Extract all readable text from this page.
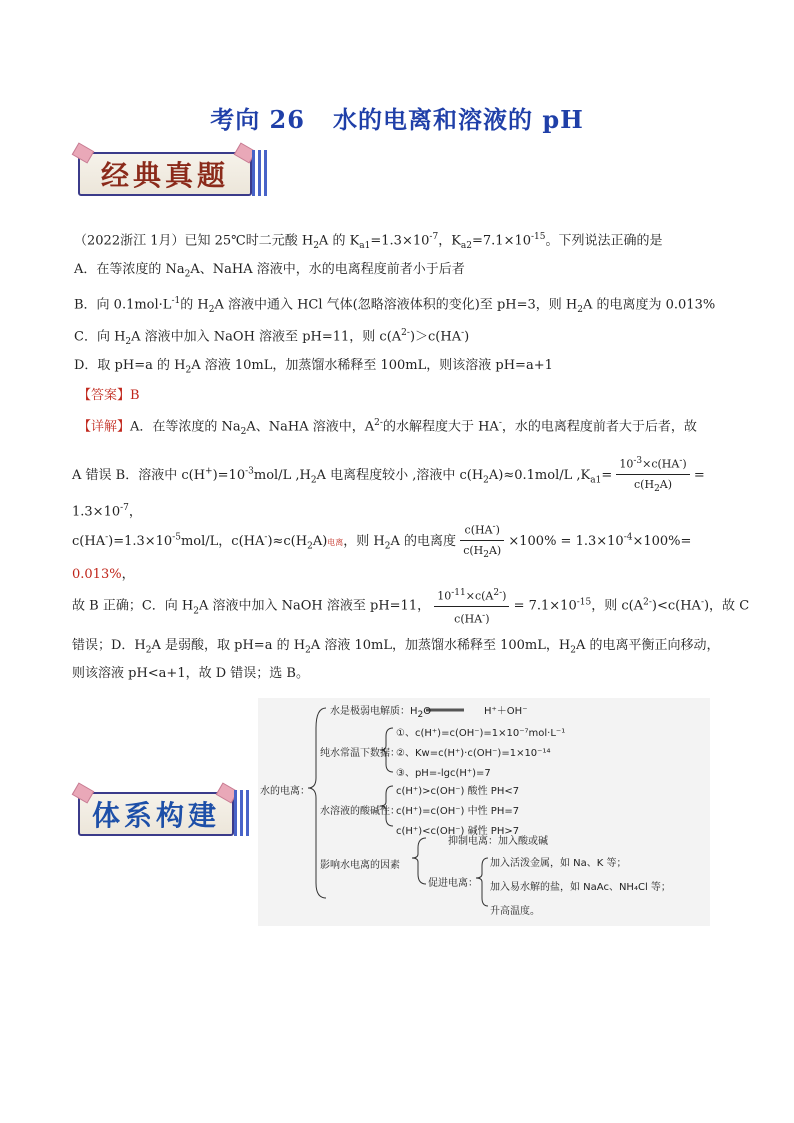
考向 26 水的电离和溶液的 pH
经典真题
（2022浙江 1月）已知 25℃时二元酸 $H_2A$ 的 $K_{a1}=1.3\times 10^{-7}$，$K_{a2}=7.1\times 10^{-15}$。下列说法正确的是
A．在等浓度的 $Na_2A$、NaHA 溶液中，水的电离程度前者小于后者
B．向 $0.1mol\cdot L^{-1}$的 $H_2A$ 溶液中通入 HCl 气体(忽略溶液体积的变化)至 pH=3，则 $H_2A$ 的电离度为 0.013%
C．向 $H_2A$ 溶液中加入 NaOH 溶液至 pH=11，则 $c(A^{2-})>c(HA^-)$
D．取 pH=a 的 $H_2A$ 溶液 10mL，加蒸馏水稀释至 100mL，则该溶液 pH=a+1
【答案】B
【详解】A．在等浓度的 $Na_2A$、NaHA 溶液中，$A^{2-}$的水解程度大于 HA-，水的电离程度前者大于后者，故
A 错误 B．溶液中 $c(H^+)=10^{-3}mol/L$ $,H_2A$ 电离程度较小 ,溶液中 $c(H_2A)\approx 0.1mol/L$ $,K_{a1}= \frac{10^{-3}\times c(HA^-)}{c(H_2A)} = 1.3\times 10^{-7}$，
$c(HA^-)=1.3\times 10^{-5}mol/L$，$c(HA^-)\approx c(H_2A)$电离，则 $H_2A$ 的电离度 $\frac{c(HA^-)}{c(H_2A)} \times 100\% = 1.3\times 10^{-4}\times 100\%= 0.013\%$，
故 B 正确；C．向 $H_2A$ 溶液中加入 NaOH 溶液至 pH=11， $\frac{10^{-11}\times c(A^{2-})}{c(HA^-)} = 7.1\times 10^{-15}$，则 $c(A^{2-})<c(HA^-)$，故 C
错误；D．$H_2A$ 是弱酸，取 pH=a 的 $H_2A$ 溶液 10mL，加蒸馏水稀释至 100mL，$H_2A$ 的电离平衡正向移动，
则该溶液 pH<a+1，故 D 错误；选 B。
体系构建
水的电离：
水是极弱电解质：$H_2O$	H⁺＋OH⁻
纯水常温下数据：
①、c(H⁺)=c(OH⁻)=1×10⁻⁷mol·L⁻¹
②、Kw=c(H⁺)·c(OH⁻)=1×10⁻¹⁴
③、pH=-lgc(H⁺)=7
水溶液的酸碱性：
c(H⁺)>c(OH⁻) 酸性 PH<7
c(H⁺)=c(OH⁻) 中性 PH=7
c(H⁺)<c(OH⁻) 碱性 PH>7
影响水电离的因素
抑制电离：加入酸或碱
促进电离：
加入活泼金属，如 Na、K 等；
加入易水解的盐，如 NaAc、NH₄Cl 等；
升高温度。
